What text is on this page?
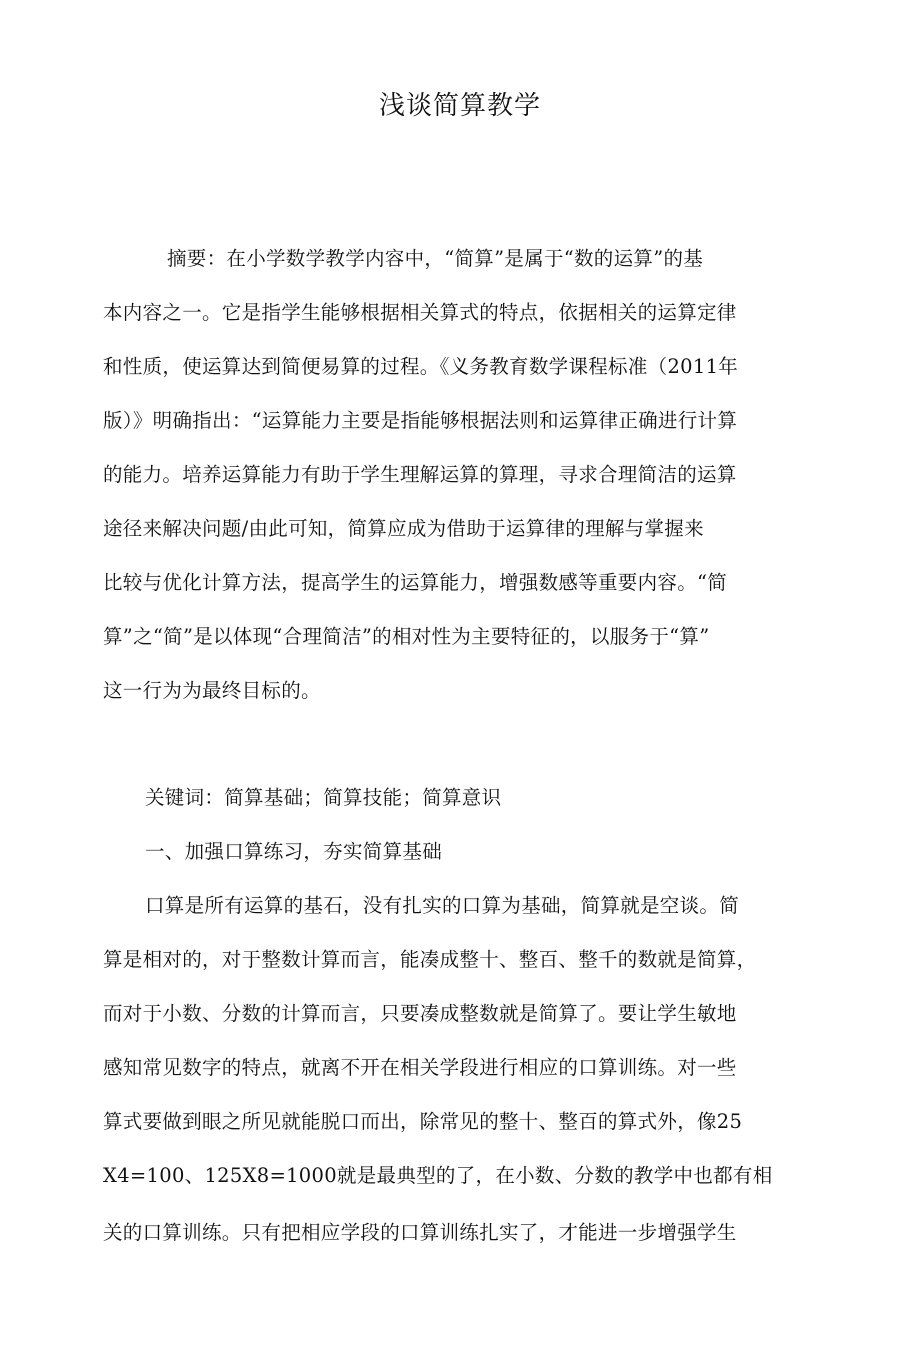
浅谈简算教学
摘要：在小学数学教学内容中，“简算”是属于“数的运算”的基
本内容之一。它是指学生能够根据相关算式的特点，依据相关的运算定律
和性质，使运算达到简便易算的过程。《义务教育数学课程标准（2011年
版）》明确指出：“运算能力主要是指能够根据法则和运算律正确进行计算
的能力。培养运算能力有助于学生理解运算的算理，寻求合理简洁的运算
途径来解决问题/由此可知，简算应成为借助于运算律的理解与掌握来
比较与优化计算方法，提高学生的运算能力，增强数感等重要内容。“简
算”之“简”是以体现“合理简洁”的相对性为主要特征的，以服务于“算”
这一行为为最终目标的。
关键词：简算基础；简算技能；简算意识
一、加强口算练习，夯实简算基础
口算是所有运算的基石，没有扎实的口算为基础，简算就是空谈。简
算是相对的，对于整数计算而言，能凑成整十、整百、整千的数就是简算，
而对于小数、分数的计算而言，只要凑成整数就是简算了。要让学生敏地
感知常见数字的特点，就离不开在相关学段进行相应的口算训练。对一些
算式要做到眼之所见就能脱口而出，除常见的整十、整百的算式外，像25
X4=100、125X8=1000就是最典型的了，在小数、分数的教学中也都有相
关的口算训练。只有把相应学段的口算训练扎实了，才能进一步增强学生
